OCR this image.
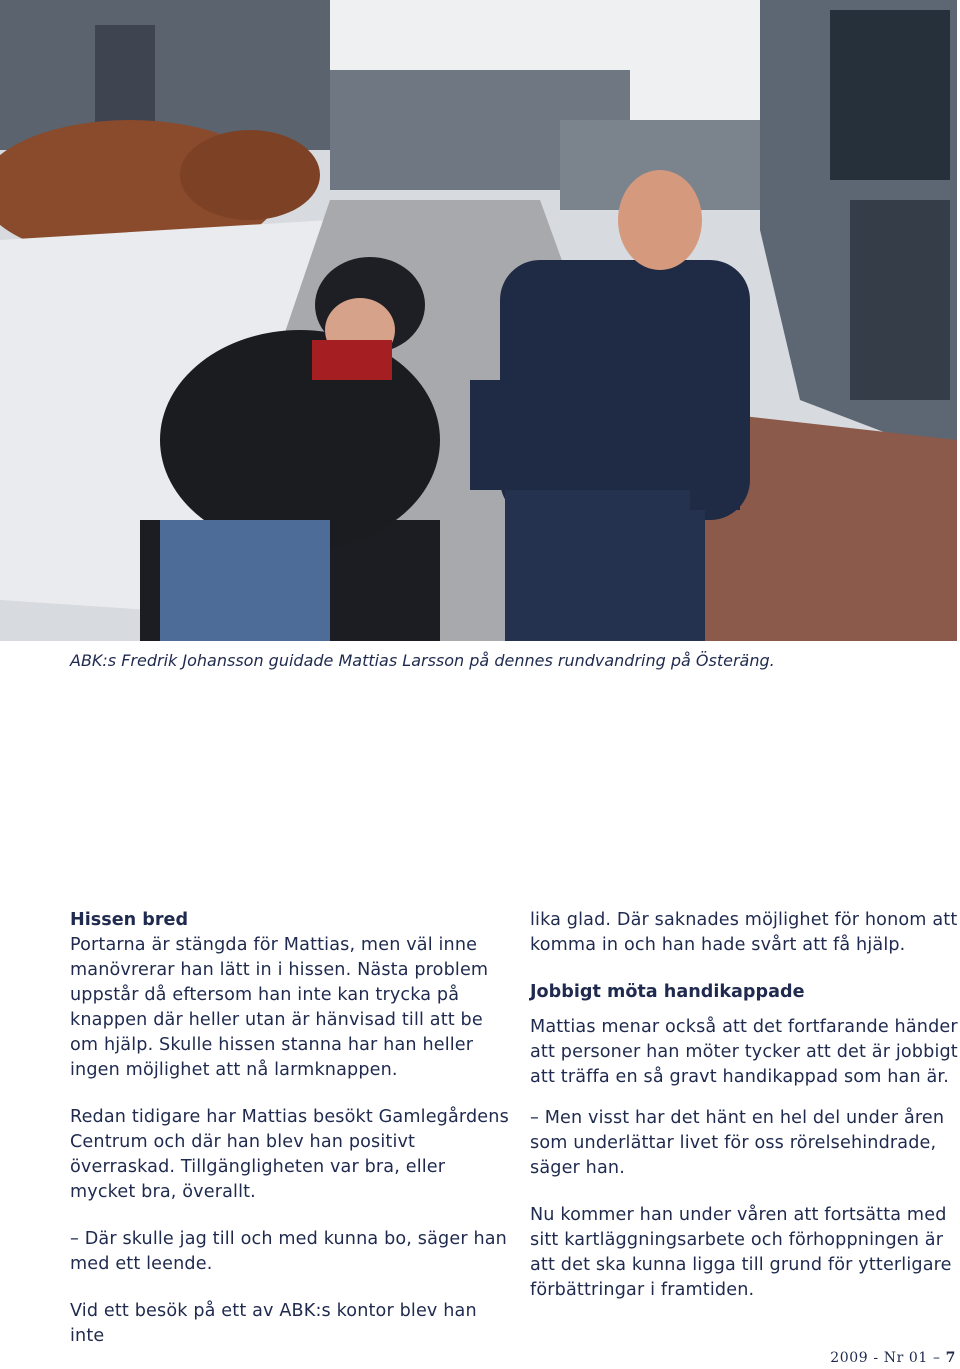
ABK:s Fredrik Johansson guidade Mattias Larsson på dennes rundvandring på Österäng.
Hissen bred

Portarna är stängda för Mattias, men väl inne manövrerar han lätt in i hissen. Nästa problem uppstår då eftersom han inte kan trycka på knappen där heller utan är hänvisad till att be om hjälp. Skulle hissen stanna har han heller ingen möjlighet att nå larmknappen.

Redan tidigare har Mattias besökt Gamlegårdens Centrum och där han blev han positivt överraskad. Tillgängligheten var bra, eller mycket bra, överallt.

– Där skulle jag till och med kunna bo, säger han med ett leende.

Vid ett besök på ett av ABK:s kontor blev han inte

lika glad. Där saknades möjlighet för honom att komma in och han hade svårt att få hjälp.

Jobbigt möta handikappade

Mattias menar också att det fortfarande händer att personer han möter tycker att det är jobbigt att träffa en så gravt handikappad som han är.

– Men visst har det hänt en hel del under åren som underlättar livet för oss rörelsehindrade, säger han.

Nu kommer han under våren att fortsätta med sitt kartläggningsarbete och förhoppningen är att det ska kunna ligga till grund för ytterligare förbättringar i framtiden.

2009 - Nr 01 – 7
